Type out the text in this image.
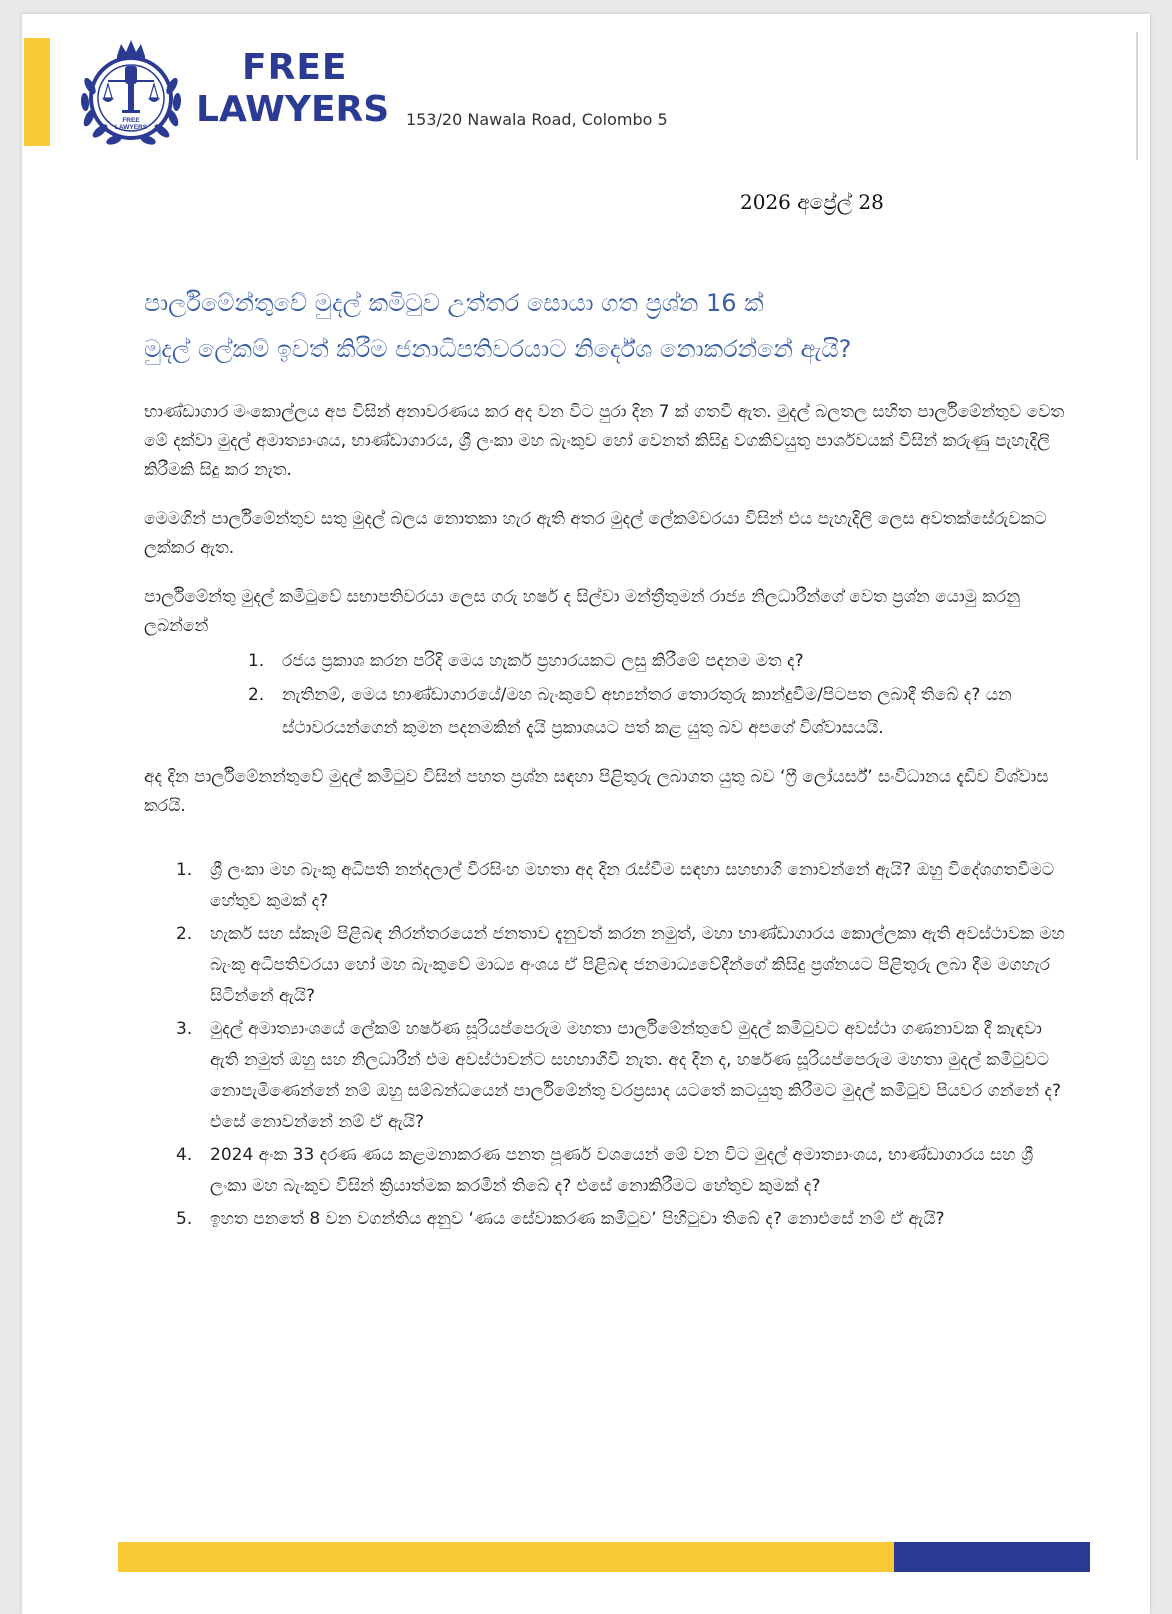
FREE
LAWYERS
FREE
LAWYERS 153/20 Nawala Road, Colombo 5
2026 අප්‍රේල් 28
පාර්ලිමේන්තුවේ මුදල් කමිටුව උත්තර සොයා ගත ප්‍රශ්න 16 ක්
මුදල් ලේකම් ඉවත් කිරීම ජනාධිපතිවරයාට නිර්දේශ නොකරන්නේ ඇයි?

භාණ්ඩාගාර මංකොල්ලය අප විසින් අනාවරණය කර අද වන විට පුරා දින 7 ක් ගතවී ඇත. මුදල් බලතල සහිත පාර්ලිමේන්තුව වෙත මේ දක්වා මුදල් අමාත්‍යාංශය, භාණ්ඩාගාරය, ශ්‍රී ලංකා මහ බැංකුව හෝ වෙනත් කිසිදු වගකිවයුතු පාර්ශවයක් විසින් කරුණු පැහැදිලි කිරීමකි සිදු කර නැත.

මෙමගින් පාර්ලිමේන්තුව සතු මුදල් බලය නොතකා හැර ඇති අතර මුදල් ලේකම්වරයා විසින් එය පැහැදිලි ලෙස අවතක්සේරුවකට ලක්කර ඇත.

පාර්ලිමේන්තු මුදල් කමිටුවේ සභාපතිවරයා ලෙස ගරු හර්ෂ ද සිල්වා මන්ත්‍රීතුමන් රාජ්‍ය නිලධාරීන්ගේ වෙත ප්‍රශ්න යොමු කරනු ලබන්නේ

1.	රජය ප්‍රකාශ කරන පරිදි මෙය හැකර් ප්‍රහාරයකට ලසු කිරීමේ පදනම මත ද?
2.	නැතිනම්, මෙය භාණ්ඩාගාරයේ/මහ බැංකුවේ අභ්‍යන්තර තොරතුරු කාන්දුවීම/පිටපත ලබාදී තිබේ ද? යන ස්ථාවරයන්ගෙන් කුමන පදනමකින් දැයි ප්‍රකාශයට පත් කළ යුතු බව අපගේ විශ්වාසයයි.

අද දින පාර්ලිමේනන්තුවේ මුදල් කමිටුව විසින් පහත ප්‍රශ්න සඳහා පිළිතුරු ලබාගත යුතු බව ‘ෆ්‍රී ලෝයර්ස්’ සංවිධානය දැඩිව විශ්වාස කරයි.

1.	ශ්‍රී ලංකා මහ බැංකු අධිපති නන්දලාල් වීරසිංහ මහතා අද දින රැස්වීම සඳහා සහභාගි නොවන්නේ ඇයි? ඔහු විදේශගතවීමට හේතුව කුමක් ද?
2.	හැකර් සහ ස්කෑම් පිළිබඳ නිරන්තරයෙන් ජනතාව දැනුවත් කරන නමුත්, මහා භාණ්ඩාගාරය කොල්ලකා ඇති අවස්ථාවක මහ බැංකු අධිපතිවරයා හෝ මහ බැංකුවේ මාධ්‍ය අංශය ඒ පිළිබඳ ජනමාධ්‍යවේදීන්ගේ කිසිදු ප්‍රශ්නයට පිළිතුරු ලබා දීම මගහැර සිටින්නේ ඇයි?
3.	මුදල් අමාත්‍යාංශයේ ලේකම් හර්ෂණ සූරියප්පෙරුම මහතා පාර්ලිමේන්තුවේ මුදල් කමිටුවට අවස්ථා ගණනාවක දී කැඳවා ඇති නමුත් ඔහු සහ නිලධාරීන් එම අවස්ථාවන්ට සහභාගිවී නැත. අද දින ද, හර්ෂණ සූරියප්පෙරුම මහතා මුදල් කමිටුවට නොපැමිණෙන්නේ නම් ඔහු සම්බන්ධයෙන් පාර්ලිමේන්තු වරප්‍රසාද යටතේ කටයුතු කිරීමට මුදල් කමිටුව පියවර ගන්නේ ද? එසේ නොවන්නේ නම් ඒ ඇයි?
4.	2024 අංක 33 දරණ ණය කළමනාකරණ පනත පූර්ණ වශයෙන් මේ වන විට මුදල් අමාත්‍යාංශය, භාණ්ඩාගාරය සහ ශ්‍රී ලංකා මහ බැංකුව විසින් ක්‍රියාත්මක කරමින් තිබේ ද? එසේ නොකිරීමට හේතුව කුමක් ද?
5.	ඉහත පනතේ 8 වන වගන්තිය අනුව ‘ණය සේවාකරණ කමිටුව’ පිහිටුවා තිබේ ද? නොඑසේ නම් ඒ ඇයි?
